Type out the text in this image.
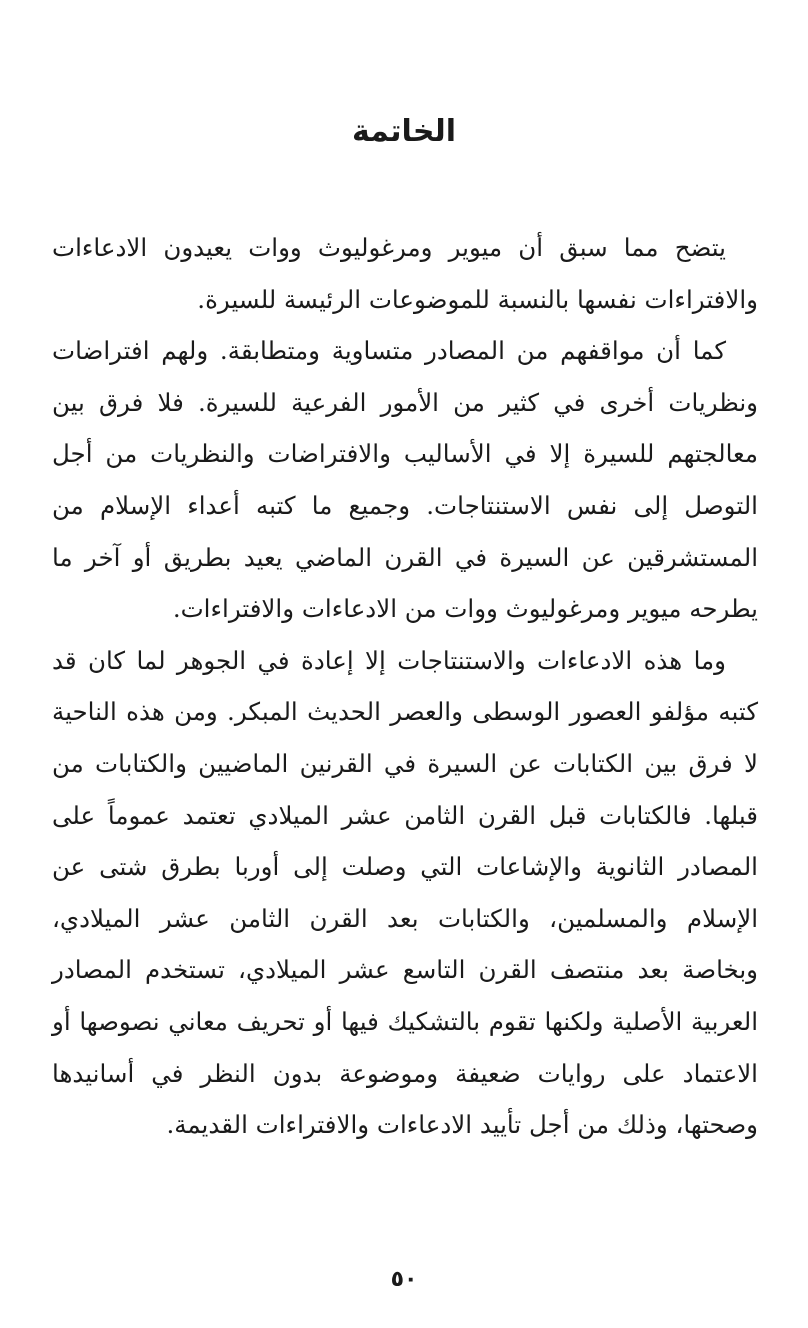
الخاتمة

يتضح مما سبق أن ميوير ومرغوليوث ووات يعيدون الادعاءات والافتراءات نفسها بالنسبة للموضوعات الرئيسة للسيرة.

كما أن مواقفهم من المصادر متساوية ومتطابقة. ولهم افتراضات ونظريات أخرى في كثير من الأمور الفرعية للسيرة. فلا فرق بين معالجتهم للسيرة إلا في الأساليب والافتراضات والنظريات من أجل التوصل إلى نفس الاستنتاجات. وجميع ما كتبه أعداء الإسلام من المستشرقين عن السيرة في القرن الماضي يعيد بطريق أو آخر ما يطرحه ميوير ومرغوليوث ووات من الادعاءات والافتراءات.

وما هذه الادعاءات والاستنتاجات إلا إعادة في الجوهر لما كان قد كتبه مؤلفو العصور الوسطى والعصر الحديث المبكر. ومن هذه الناحية لا فرق بين الكتابات عن السيرة في القرنين الماضيين والكتابات من قبلها. فالكتابات قبل القرن الثامن عشر الميلادي تعتمد عموماً على المصادر الثانوية والإشاعات التي وصلت إلى أوربا بطرق شتى عن الإسلام والمسلمين، والكتابات بعد القرن الثامن عشر الميلادي، وبخاصة بعد منتصف القرن التاسع عشر الميلادي، تستخدم المصادر العربية الأصلية ولكنها تقوم بالتشكيك فيها أو تحريف معاني نصوصها أو الاعتماد على روايات ضعيفة وموضوعة بدون النظر في أسانيدها وصحتها، وذلك من أجل تأييد الادعاءات والافتراءات القديمة.

٥٠
